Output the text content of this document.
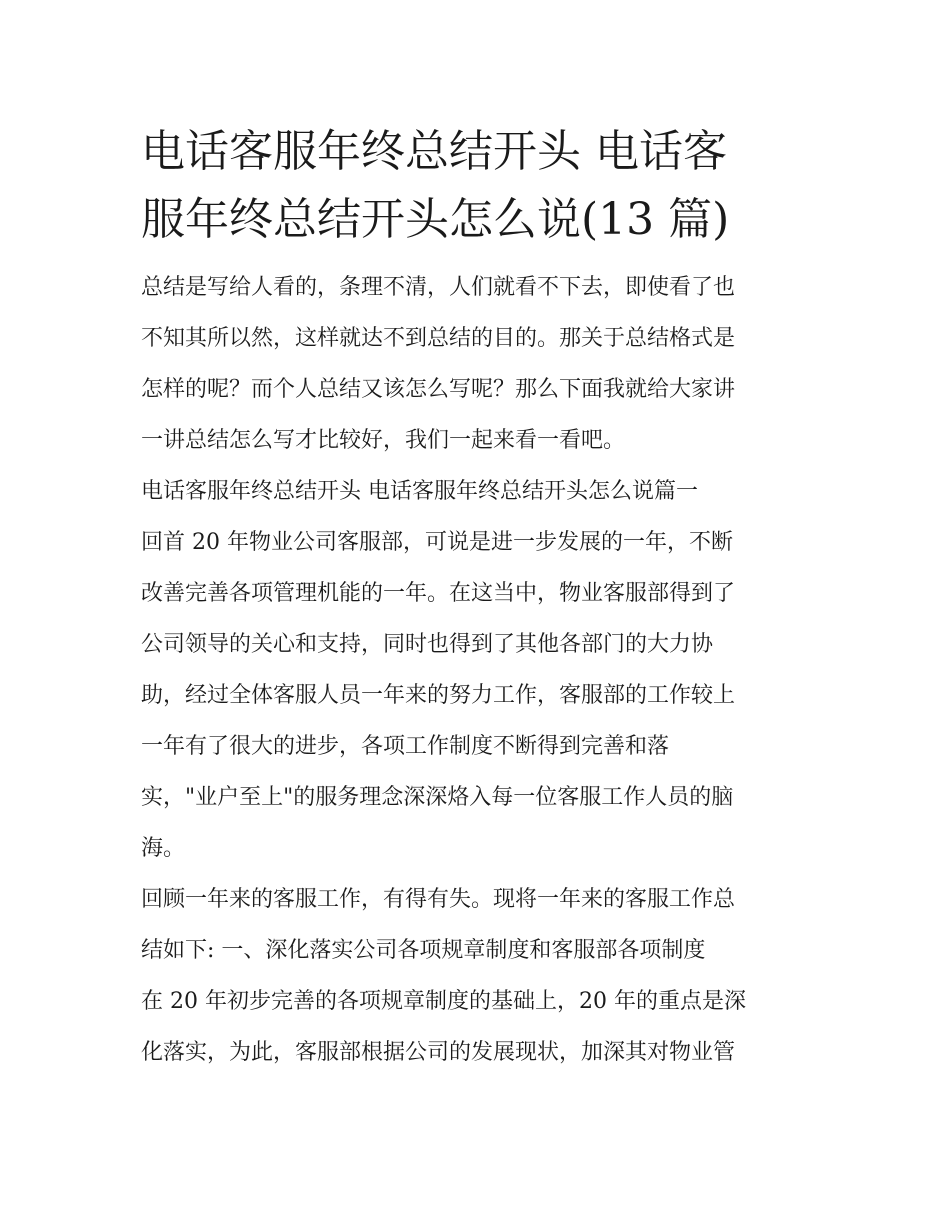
电话客服年终总结开头 电话客
服年终总结开头怎么说(13 篇)

总结是写给人看的，条理不清，人们就看不下去，即使看了也
不知其所以然，这样就达不到总结的目的。那关于总结格式是
怎样的呢？而个人总结又该怎么写呢？那么下面我就给大家讲
一讲总结怎么写才比较好，我们一起来看一看吧。

电话客服年终总结开头 电话客服年终总结开头怎么说篇一

回首 20 年物业公司客服部，可说是进一步发展的一年，不断
改善完善各项管理机能的一年。在这当中，物业客服部得到了
公司领导的关心和支持，同时也得到了其他各部门的大力协
助，经过全体客服人员一年来的努力工作，客服部的工作较上
一年有了很大的进步，各项工作制度不断得到完善和落
实，"业户至上"的服务理念深深烙入每一位客服工作人员的脑
海。

回顾一年来的客服工作，有得有失。现将一年来的客服工作总
结如下: 一、深化落实公司各项规章制度和客服部各项制度

在 20 年初步完善的各项规章制度的基础上，20 年的重点是深
化落实，为此，客服部根据公司的发展现状，加深其对物业管
